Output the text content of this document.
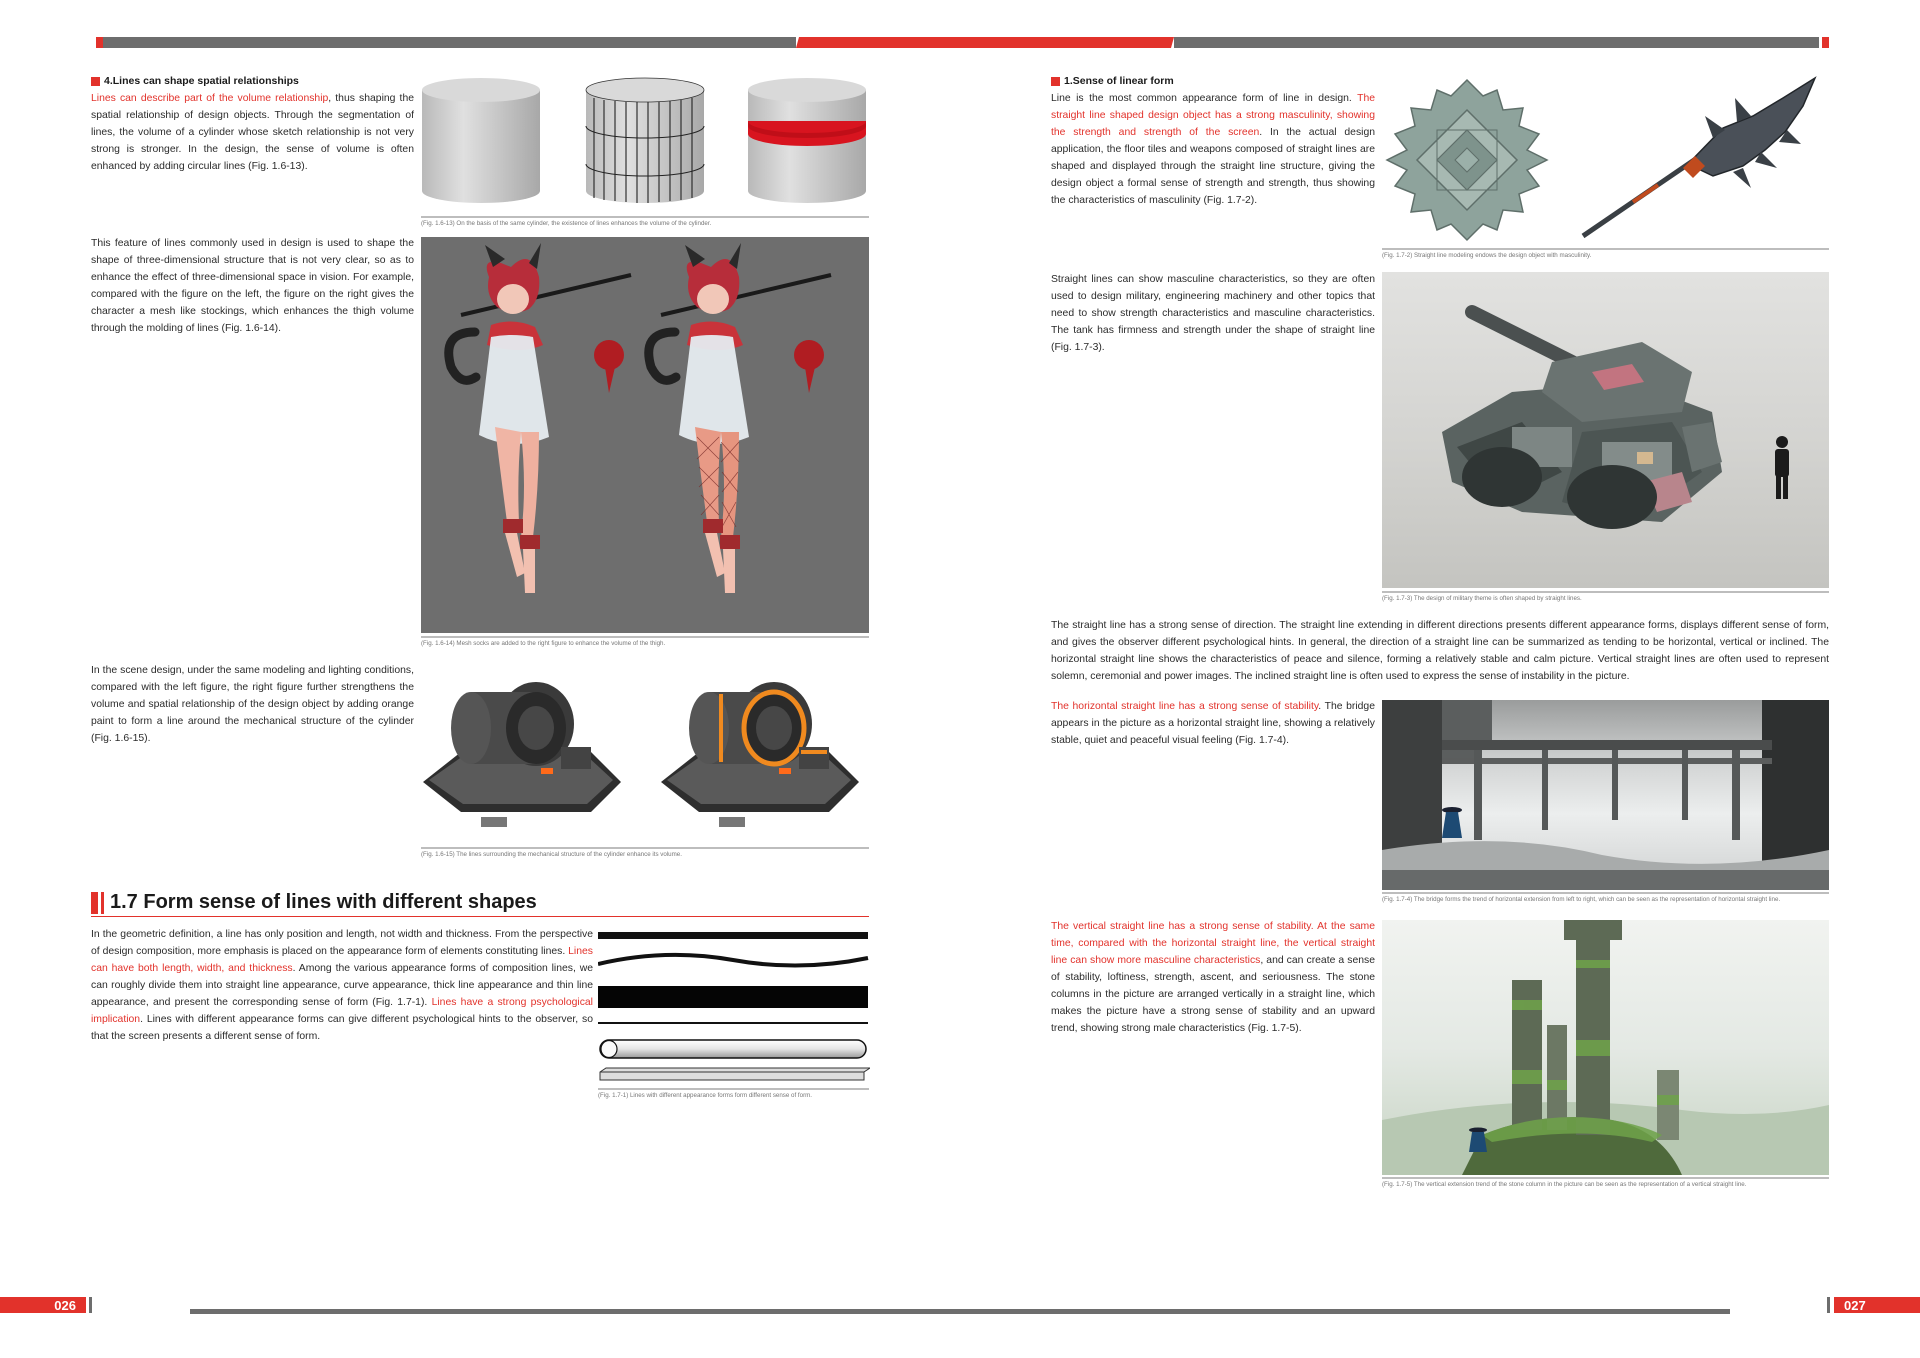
4.Lines can shape spatial relationships
Lines can describe part of the volume relationship, thus shaping the spatial relationship of design objects. Through the segmentation of lines, the volume of a cylinder whose sketch relationship is not very strong is stronger. In the design, the sense of volume is often enhanced by adding circular lines (Fig. 1.6-13).
(Fig. 1.6-13) On the basis of the same cylinder, the existence of lines enhances the volume of the cylinder.
This feature of lines commonly used in design is used to shape the shape of three-dimensional structure that is not very clear, so as to enhance the effect of three-dimensional space in vision. For example, compared with the figure on the left, the figure on the right gives the character a mesh like stockings, which enhances the thigh volume through the molding of lines (Fig. 1.6-14).
(Fig. 1.6-14) Mesh socks are added to the right figure to enhance the volume of the thigh.
In the scene design, under the same modeling and lighting conditions, compared with the left figure, the right figure further strengthens the volume and spatial relationship of the design object by adding orange paint to form a line around the mechanical structure of the cylinder (Fig. 1.6-15).
(Fig. 1.6-15) The lines surrounding the mechanical structure of the cylinder enhance its volume.
1.7 Form sense of lines with different shapes
In the geometric definition, a line has only position and length, not width and thickness. From the perspective of design composition, more emphasis is placed on the appearance form of elements constituting lines. Lines can have both length, width, and thickness. Among the various appearance forms of composition lines, we can roughly divide them into straight line appearance, curve appearance, thick line appearance and thin line appearance, and present the corresponding sense of form (Fig. 1.7-1). Lines have a strong psychological implication. Lines with different appearance forms can give different psychological hints to the observer, so that the screen presents a different sense of form.
(Fig. 1.7-1) Lines with different appearance forms form different sense of form.
026
1.Sense of linear form
Line is the most common appearance form of line in design. The straight line shaped design object has a strong masculinity, showing the strength and strength of the screen. In the actual design application, the floor tiles and weapons composed of straight lines are shaped and displayed through the straight line structure, giving the design object a formal sense of strength and strength, thus showing the characteristics of masculinity (Fig. 1.7-2).
(Fig. 1.7-2) Straight line modeling endows the design object with masculinity.
Straight lines can show masculine characteristics, so they are often used to design military, engineering machinery and other topics that need to show strength characteristics and masculine characteristics. The tank has firmness and strength under the shape of straight line (Fig. 1.7-3).
(Fig. 1.7-3) The design of military theme is often shaped by straight lines.
The straight line has a strong sense of direction. The straight line extending in different directions presents different appearance forms, displays different sense of form, and gives the observer different psychological hints. In general, the direction of a straight line can be summarized as tending to be horizontal, vertical or inclined. The horizontal straight line shows the characteristics of peace and silence, forming a relatively stable and calm picture. Vertical straight lines are often used to represent solemn, ceremonial and power images. The inclined straight line is often used to express the sense of instability in the picture.
The horizontal straight line has a strong sense of stability. The bridge appears in the picture as a horizontal straight line, showing a relatively stable, quiet and peaceful visual feeling (Fig. 1.7-4).
(Fig. 1.7-4) The bridge forms the trend of horizontal extension from left to right, which can be seen as the representation of horizontal straight line.
The vertical straight line has a strong sense of stability. At the same time, compared with the horizontal straight line, the vertical straight line can show more masculine characteristics, and can create a sense of stability, loftiness, strength, ascent, and seriousness. The stone columns in the picture are arranged vertically in a straight line, which makes the picture have a strong sense of stability and an upward trend, showing strong male characteristics (Fig. 1.7-5).
(Fig. 1.7-5) The vertical extension trend of the stone column in the picture can be seen as the representation of a vertical straight line.
027
